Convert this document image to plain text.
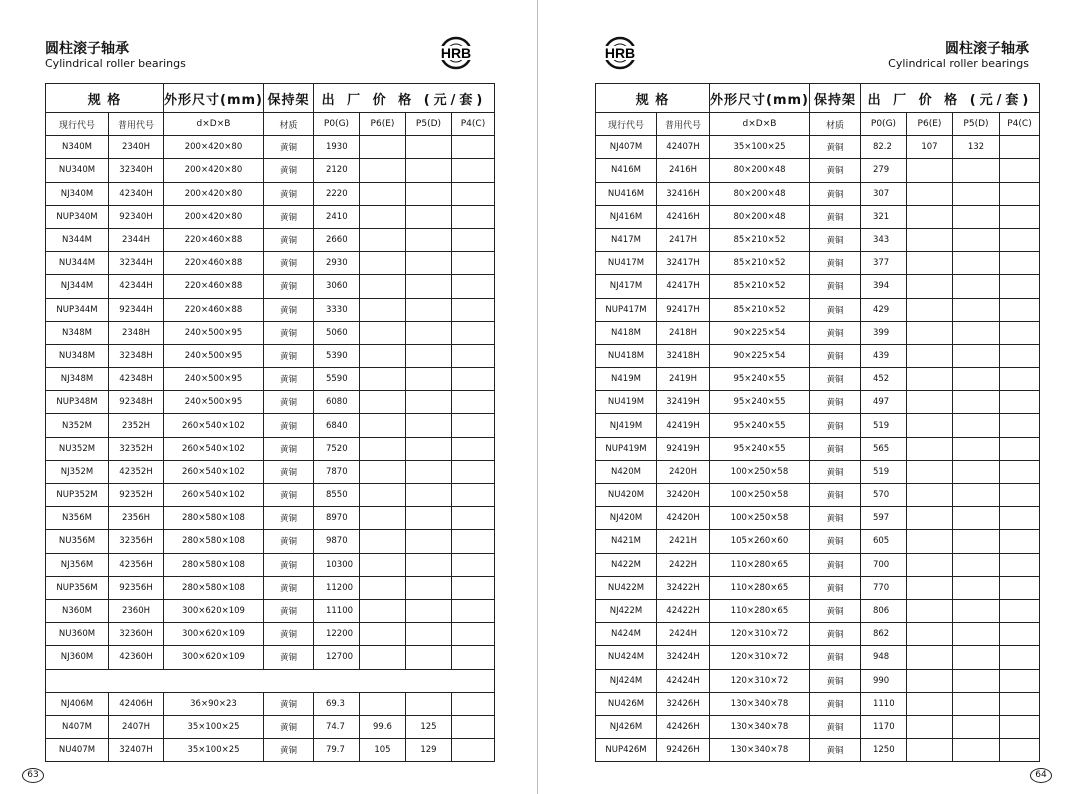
圆柱滚子轴承
Cylindrical roller bearings
HRB
规 格		外形尺寸(mm)	保持架	出 厂 价 格 (元/套)			
现行代号	普用代号	d×D×B	材质	P0(G)	P6(E)	P5(D)	P4(C)
N340M	2340H	200×420×80	黄铜	1930			
NU340M	32340H	200×420×80	黄铜	2120			
NJ340M	42340H	200×420×80	黄铜	2220			
NUP340M	92340H	200×420×80	黄铜	2410			
N344M	2344H	220×460×88	黄铜	2660			
NU344M	32344H	220×460×88	黄铜	2930			
NJ344M	42344H	220×460×88	黄铜	3060			
NUP344M	92344H	220×460×88	黄铜	3330			
N348M	2348H	240×500×95	黄铜	5060			
NU348M	32348H	240×500×95	黄铜	5390			
NJ348M	42348H	240×500×95	黄铜	5590			
NUP348M	92348H	240×500×95	黄铜	6080			
N352M	2352H	260×540×102	黄铜	6840			
NU352M	32352H	260×540×102	黄铜	7520			
NJ352M	42352H	260×540×102	黄铜	7870			
NUP352M	92352H	260×540×102	黄铜	8550			
N356M	2356H	280×580×108	黄铜	8970			
NU356M	32356H	280×580×108	黄铜	9870			
NJ356M	42356H	280×580×108	黄铜	10300			
NUP356M	92356H	280×580×108	黄铜	11200			
N360M	2360H	300×620×109	黄铜	11100			
NU360M	32360H	300×620×109	黄铜	12200			
NJ360M	42360H	300×620×109	黄铜	12700			

NJ406M	42406H	36×90×23	黄铜	69.3			
N407M	2407H	35×100×25	黄铜	74.7	99.6	125	
NU407M	32407H	35×100×25	黄铜	79.7	105	129	
63
HRB	圆柱滚子轴承
Cylindrical roller bearings
规 格		外形尺寸(mm)	保持架	出 厂 价 格 (元/套)			
现行代号	普用代号	d×D×B	材质	P0(G)	P6(E)	P5(D)	P4(C)
NJ407M	42407H	35×100×25	黄铜	82.2	107	132	
N416M	2416H	80×200×48	黄铜	279			
NU416M	32416H	80×200×48	黄铜	307			
NJ416M	42416H	80×200×48	黄铜	321			
N417M	2417H	85×210×52	黄铜	343			
NU417M	32417H	85×210×52	黄铜	377			
NJ417M	42417H	85×210×52	黄铜	394			
NUP417M	92417H	85×210×52	黄铜	429			
N418M	2418H	90×225×54	黄铜	399			
NU418M	32418H	90×225×54	黄铜	439			
N419M	2419H	95×240×55	黄铜	452			
NU419M	32419H	95×240×55	黄铜	497			
NJ419M	42419H	95×240×55	黄铜	519			
NUP419M	92419H	95×240×55	黄铜	565			
N420M	2420H	100×250×58	黄铜	519			
NU420M	32420H	100×250×58	黄铜	570			
NJ420M	42420H	100×250×58	黄铜	597			
N421M	2421H	105×260×60	黄铜	605			
N422M	2422H	110×280×65	黄铜	700			
NU422M	32422H	110×280×65	黄铜	770			
NJ422M	42422H	110×280×65	黄铜	806			
N424M	2424H	120×310×72	黄铜	862			
NU424M	32424H	120×310×72	黄铜	948			
NJ424M	42424H	120×310×72	黄铜	990			
NU426M	32426H	130×340×78	黄铜	1110			
NJ426M	42426H	130×340×78	黄铜	1170			
NUP426M	92426H	130×340×78	黄铜	1250			
64
